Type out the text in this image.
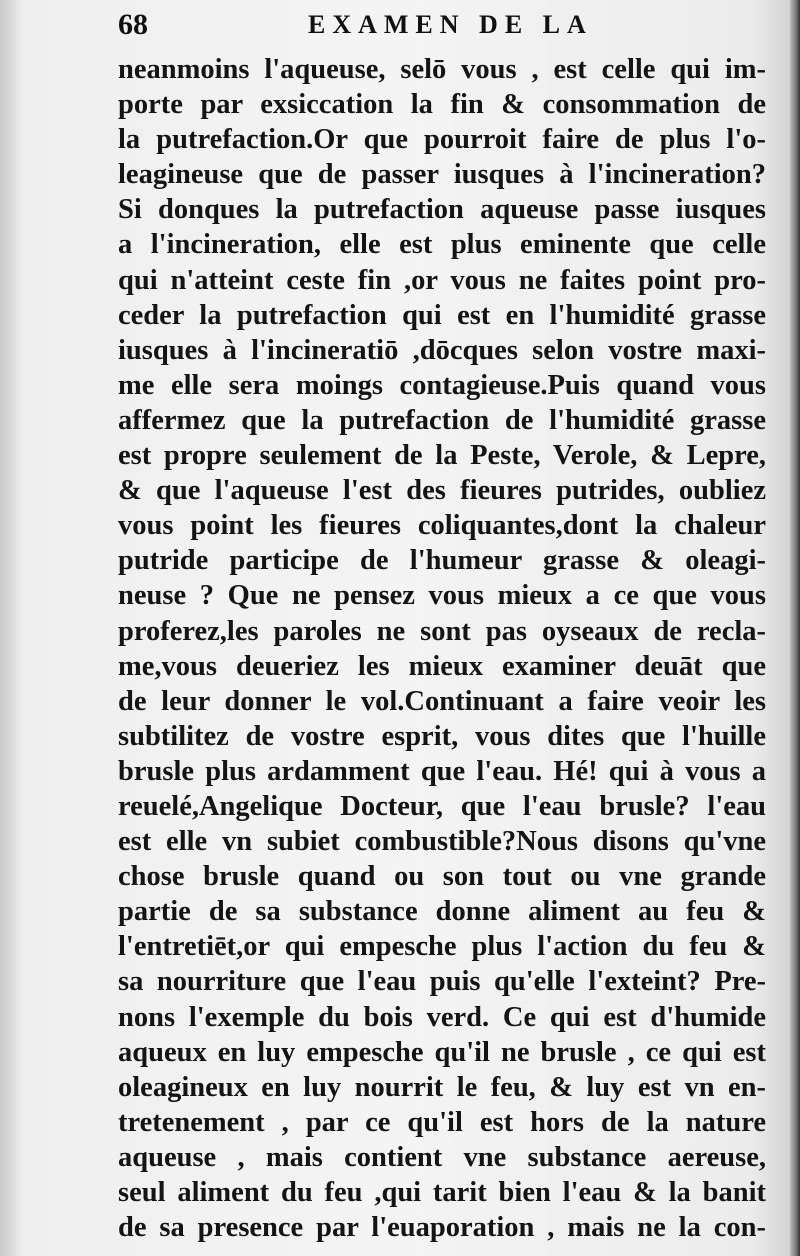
68	EXAMEN DE LA
neanmoins l'aqueuse, selō vous , est celle qui im-
porte par exsiccation la fin & consommation de
la putrefaction.Or que pourroit faire de plus l'o-
leagineuse que de passer iusques à l'incineration?
Si donques la putrefaction aqueuse passe iusques
a l'incineration, elle est plus eminente que celle
qui n'atteint ceste fin ,or vous ne faites point pro-
ceder la putrefaction qui est en l'humidité grasse
iusques à l'incineratiō ,dōcques selon vostre maxi-
me elle sera moings contagieuse.Puis quand vous
affermez que la putrefaction de l'humidité grasse
est propre seulement de la Peste, Verole, & Lepre,
& que l'aqueuse l'est des fieures putrides, oubliez
vous point les fieures coliquantes,dont la chaleur
putride participe de l'humeur grasse & oleagi-
neuse ? Que ne pensez vous mieux a ce que vous
proferez,les paroles ne sont pas oyseaux de recla-
me,vous deueriez les mieux examiner deuāt que
de leur donner le vol.Continuant a faire veoir les
subtilitez de vostre esprit, vous dites que l'huille
brusle plus ardamment que l'eau. Hé! qui à vous a
reuelé,Angelique Docteur, que l'eau brusle? l'eau
est elle vn subiet combustible?Nous disons qu'vne
chose brusle quand ou son tout ou vne grande
partie de sa substance donne aliment au feu &
l'entretiēt,or qui empesche plus l'action du feu &
sa nourriture que l'eau puis qu'elle l'exteint? Pre-
nons l'exemple du bois verd. Ce qui est d'humide
aqueux en luy empesche qu'il ne brusle , ce qui est
oleagineux en luy nourrit le feu, & luy est vn en-
tretenement , par ce qu'il est hors de la nature
aqueuse , mais contient vne substance aereuse,
seul aliment du feu ,qui tarit bien l'eau & la banit
de sa presence par l'euaporation , mais ne la con-
